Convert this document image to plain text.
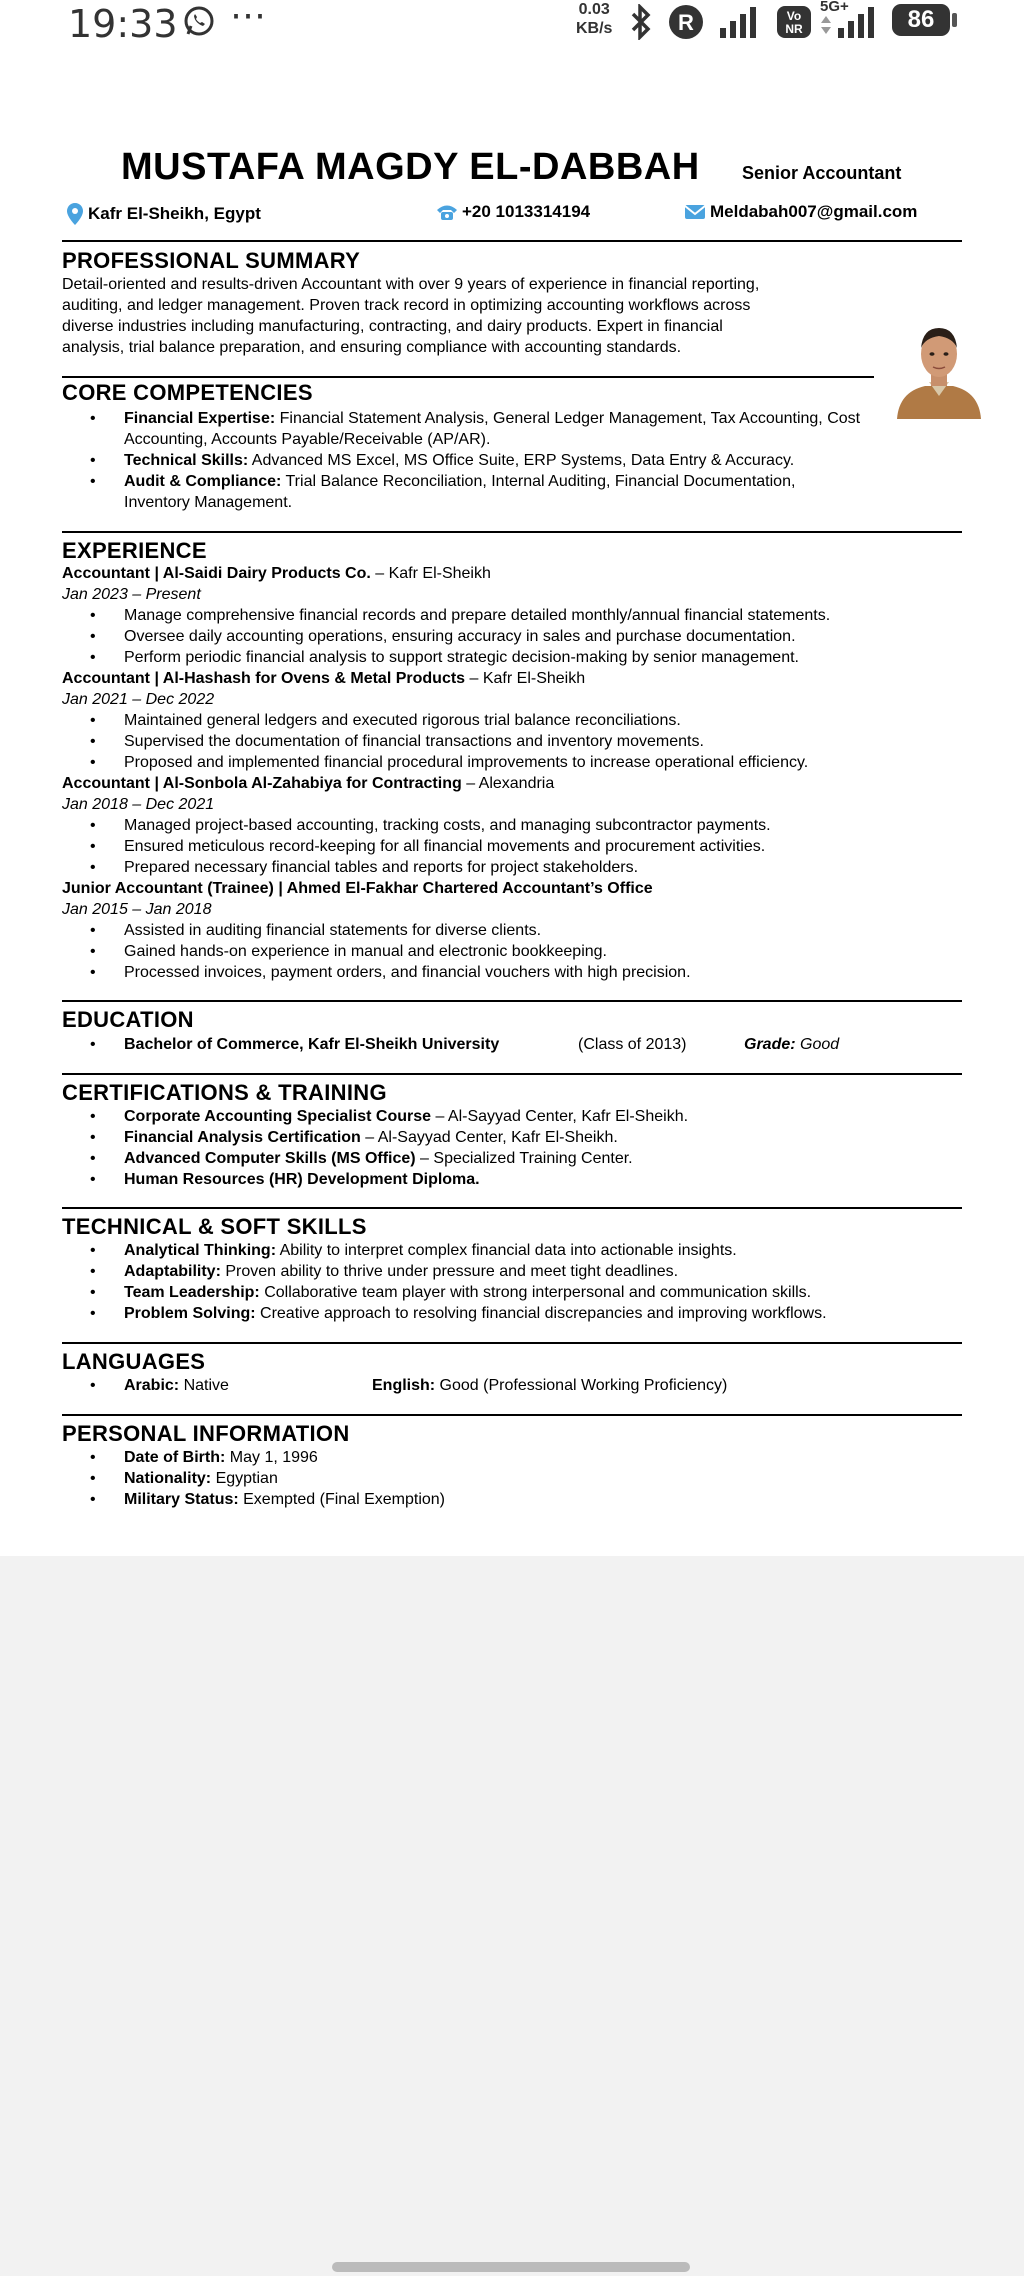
19:33 ⋯	0.03
KB/s	R	Vo
NR
5G+	86
MUSTAFA MAGDY EL-DABBAH Senior Accountant
Kafr El-Sheikh, Egypt	+20 1013314194	Meldabah007@gmail.com
PROFESSIONAL SUMMARY
Detail-oriented and results-driven Accountant with over 9 years of experience in financial reporting,
auditing, and ledger management. Proven track record in optimizing accounting workflows across
diverse industries including manufacturing, contracting, and dairy products. Expert in financial
analysis, trial balance preparation, and ensuring compliance with accounting standards.
CORE COMPETENCIES
• Financial Expertise: Financial Statement Analysis, General Ledger Management, Tax Accounting, Cost
Accounting, Accounts Payable/Receivable (AP/AR).
• Technical Skills: Advanced MS Excel, MS Office Suite, ERP Systems, Data Entry & Accuracy.
• Audit & Compliance: Trial Balance Reconciliation, Internal Auditing, Financial Documentation,
Inventory Management.
EXPERIENCE
Accountant | Al-Saidi Dairy Products Co. – Kafr El-Sheikh
Jan 2023 – Present
• Manage comprehensive financial records and prepare detailed monthly/annual financial statements.
• Oversee daily accounting operations, ensuring accuracy in sales and purchase documentation.
• Perform periodic financial analysis to support strategic decision-making by senior management.
Accountant | Al-Hashash for Ovens & Metal Products – Kafr El-Sheikh
Jan 2021 – Dec 2022
• Maintained general ledgers and executed rigorous trial balance reconciliations.
• Supervised the documentation of financial transactions and inventory movements.
• Proposed and implemented financial procedural improvements to increase operational efficiency.
Accountant | Al-Sonbola Al-Zahabiya for Contracting – Alexandria
Jan 2018 – Dec 2021
• Managed project-based accounting, tracking costs, and managing subcontractor payments.
• Ensured meticulous record-keeping for all financial movements and procurement activities.
• Prepared necessary financial tables and reports for project stakeholders.
Junior Accountant (Trainee) | Ahmed El-Fakhar Chartered Accountant’s Office
Jan 2015 – Jan 2018
• Assisted in auditing financial statements for diverse clients.
• Gained hands-on experience in manual and electronic bookkeeping.
• Processed invoices, payment orders, and financial vouchers with high precision.
EDUCATION
• Bachelor of Commerce, Kafr El-Sheikh University	(Class of 2013)	Grade: Good
CERTIFICATIONS & TRAINING
• Corporate Accounting Specialist Course – Al-Sayyad Center, Kafr El-Sheikh.
• Financial Analysis Certification – Al-Sayyad Center, Kafr El-Sheikh.
• Advanced Computer Skills (MS Office) – Specialized Training Center.
• Human Resources (HR) Development Diploma.
TECHNICAL & SOFT SKILLS
• Analytical Thinking: Ability to interpret complex financial data into actionable insights.
• Adaptability: Proven ability to thrive under pressure and meet tight deadlines.
• Team Leadership: Collaborative team player with strong interpersonal and communication skills.
• Problem Solving: Creative approach to resolving financial discrepancies and improving workflows.
LANGUAGES
• Arabic: Native	English: Good (Professional Working Proficiency)
PERSONAL INFORMATION
• Date of Birth: May 1, 1996
• Nationality: Egyptian
• Military Status: Exempted (Final Exemption)
